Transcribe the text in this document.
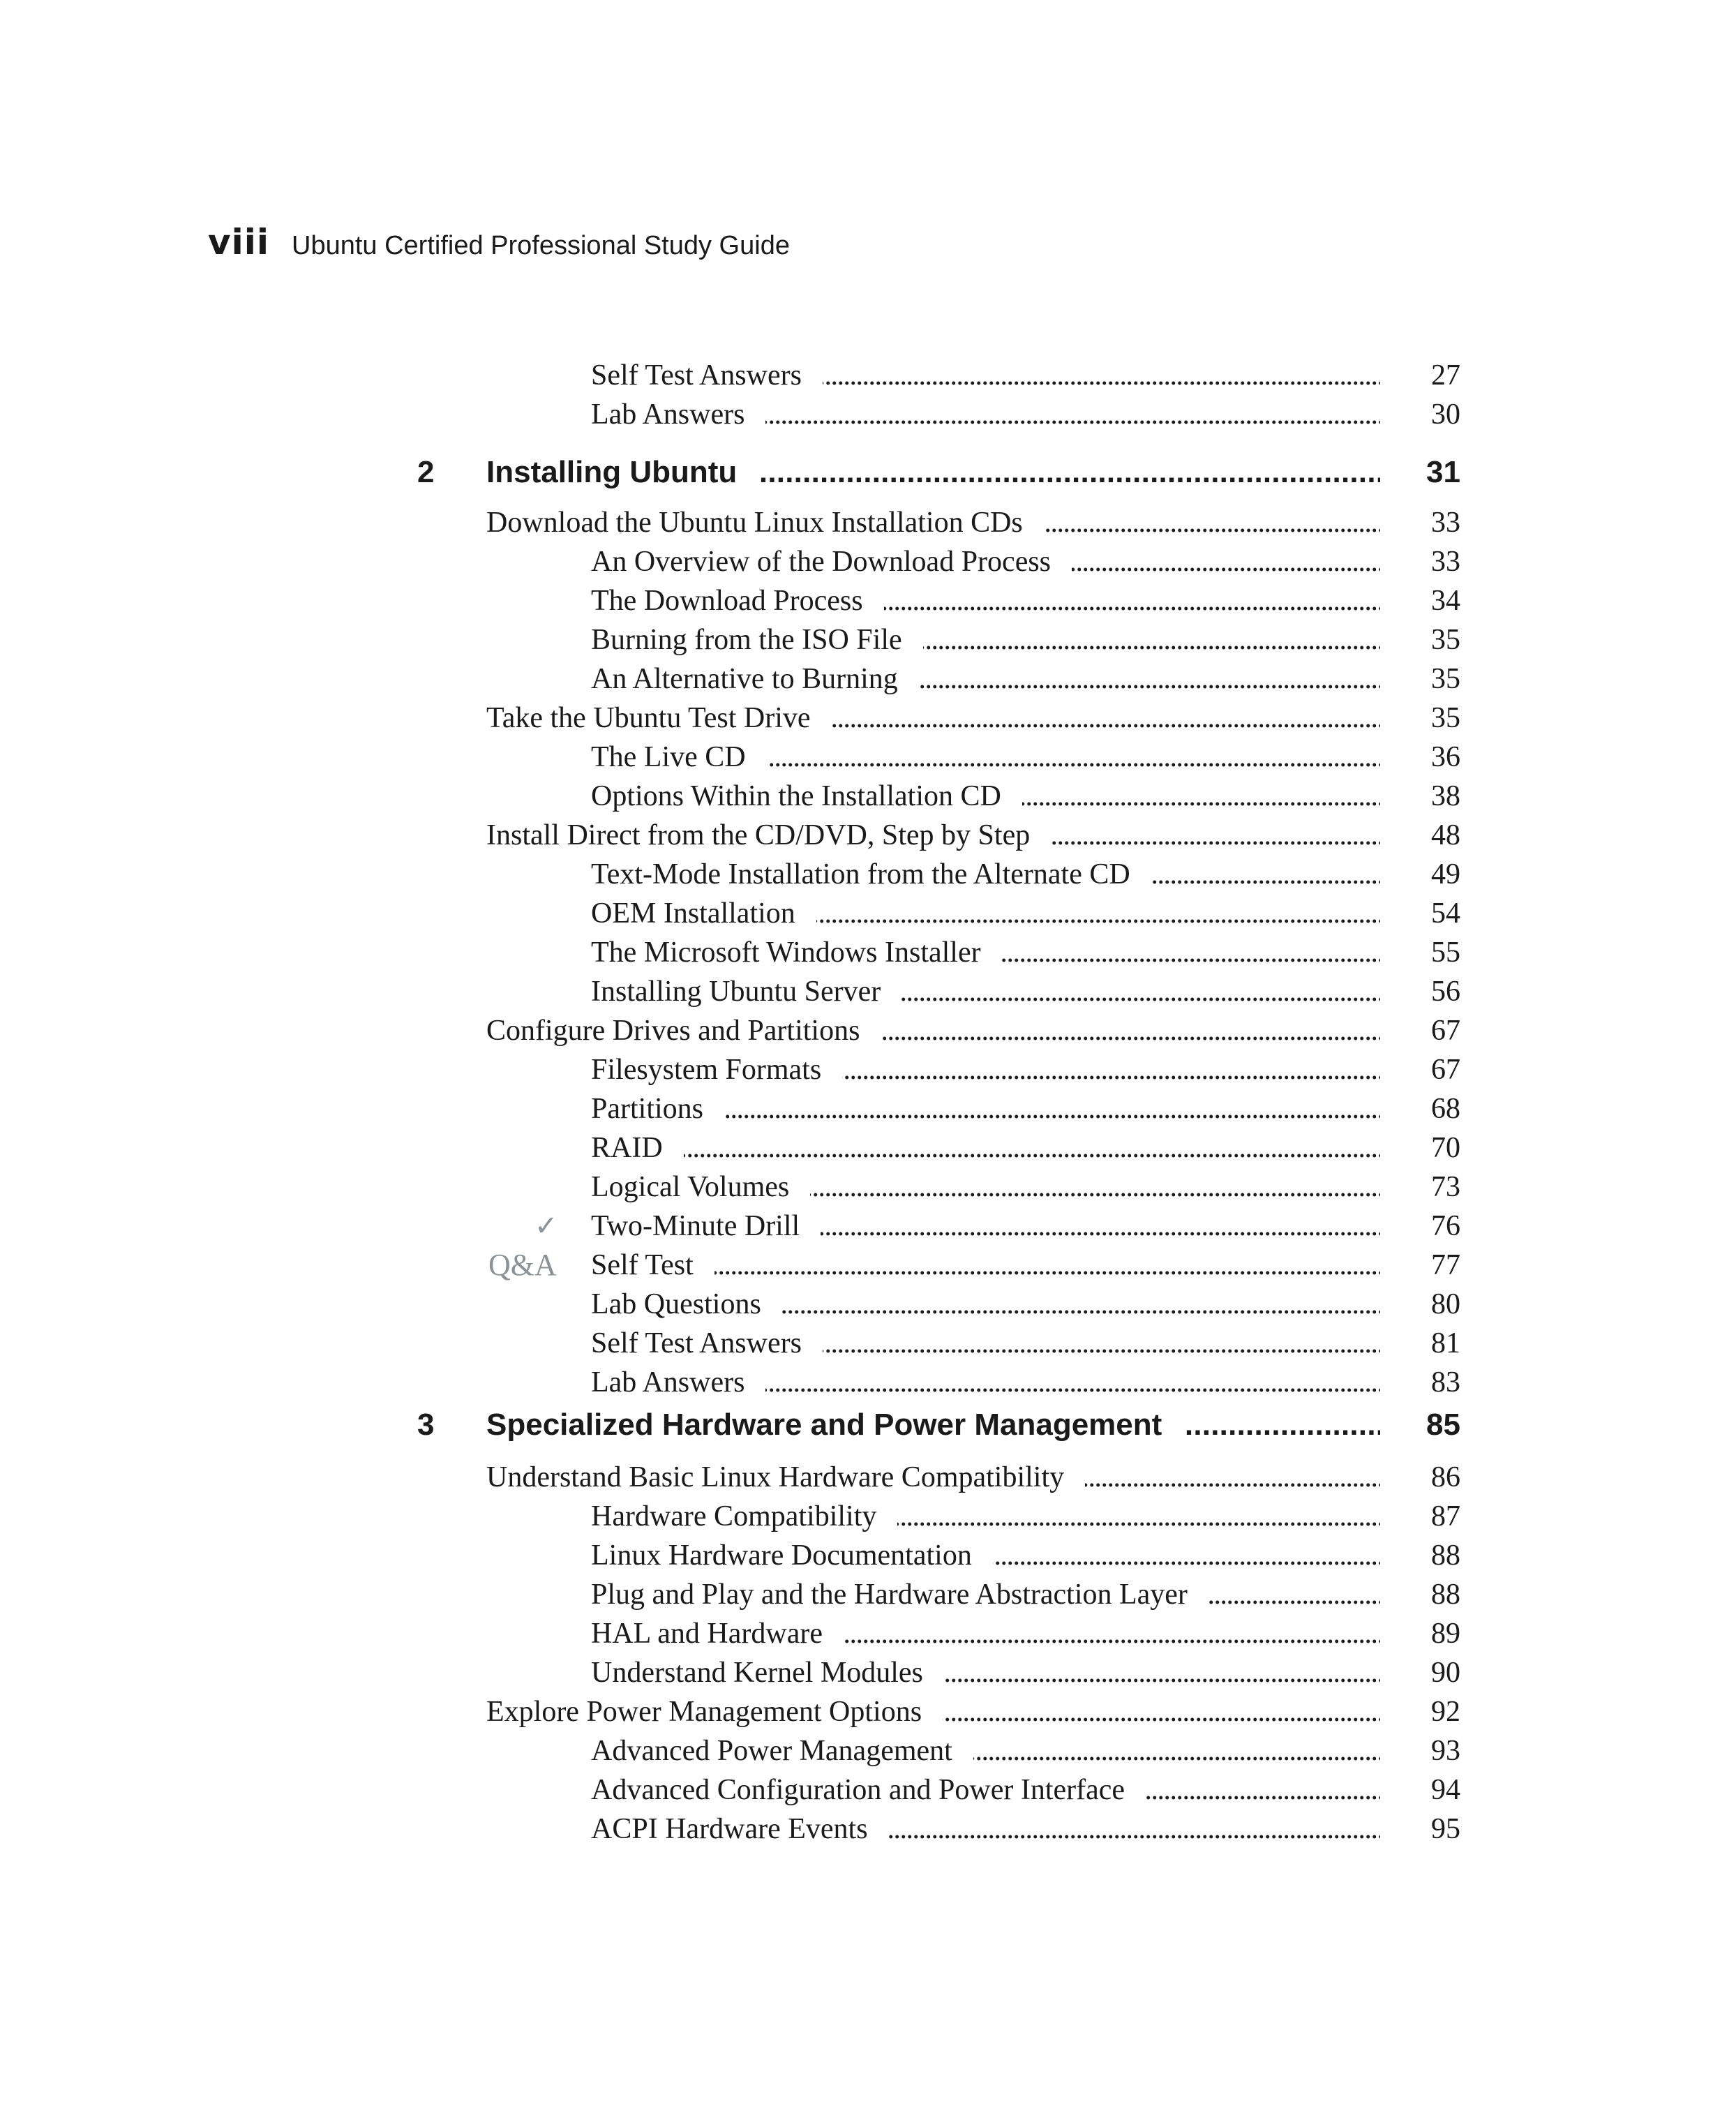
viii Ubuntu Certified Professional Study Guide
Self Test Answers . . .	27
Lab Answers . . .	30
2 Installing Ubuntu . . .	31
Download the Ubuntu Linux Installation CDs . . .	33
An Overview of the Download Process . . .	33
The Download Process . . .	34
Burning from the ISO File . . .	35
An Alternative to Burning . . .	35
Take the Ubuntu Test Drive . . .	35
The Live CD . . .	36
Options Within the Installation CD . . .	38
Install Direct from the CD/DVD, Step by Step . . .	48
Text-Mode Installation from the Alternate CD . . .	49
OEM Installation . . .	54
The Microsoft Windows Installer . . .	55
Installing Ubuntu Server . . .	56
Configure Drives and Partitions . . .	67
Filesystem Formats . . .	67
Partitions . . .	68
RAID . . .	70
Logical Volumes . . .	73
✓ Two-Minute Drill . . .	76
Q&A Self Test . . .	77
Lab Questions . . .	80
Self Test Answers . . .	81
Lab Answers . . .	83
3 Specialized Hardware and Power Management . . .	85
Understand Basic Linux Hardware Compatibility . . .	86
Hardware Compatibility . . .	87
Linux Hardware Documentation . . .	88
Plug and Play and the Hardware Abstraction Layer . . .	88
HAL and Hardware . . .	89
Understand Kernel Modules . . .	90
Explore Power Management Options . . .	92
Advanced Power Management . . .	93
Advanced Configuration and Power Interface . . .	94
ACPI Hardware Events . . .	95
